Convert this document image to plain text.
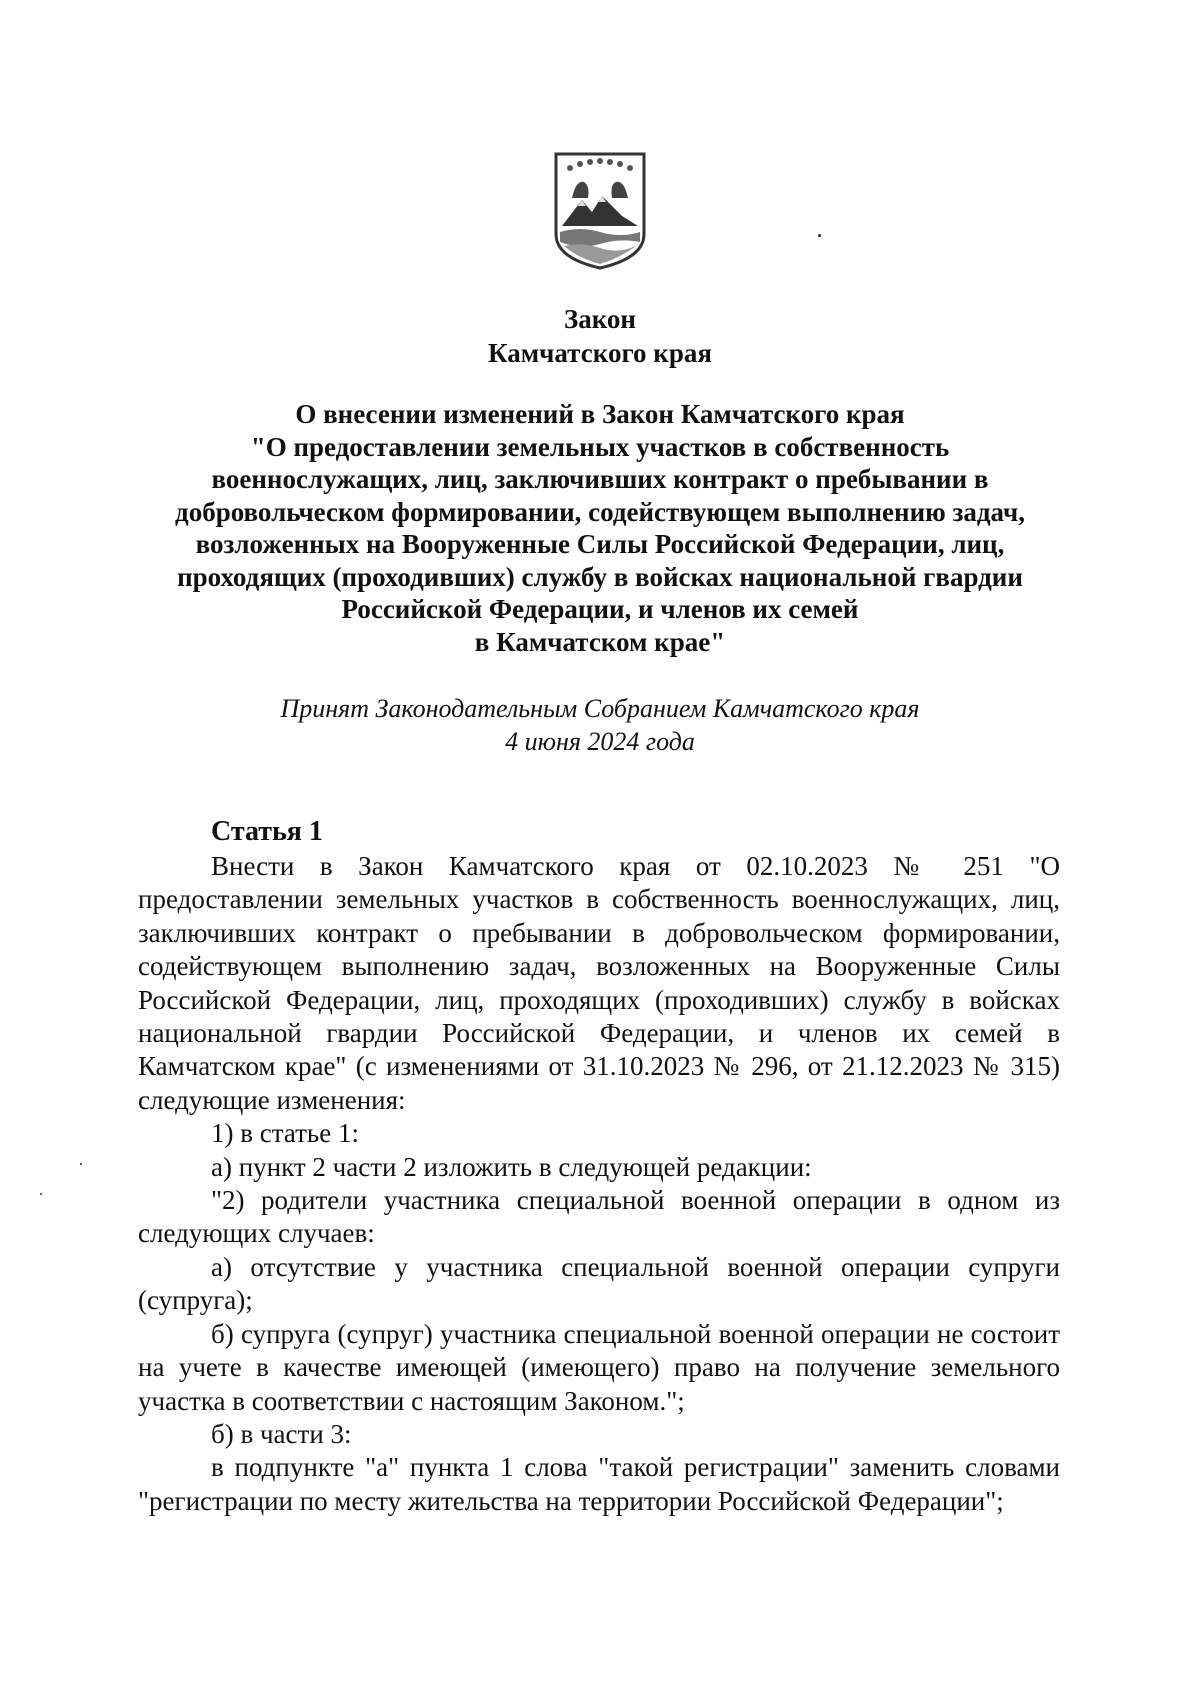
Закон
Камчатского края
О внесении изменений в Закон Камчатского края
"О предоставлении земельных участков в собственность
военнослужащих, лиц, заключивших контракт о пребывании в
добровольческом формировании, содействующем выполнению задач,
возложенных на Вооруженные Силы Российской Федерации, лиц,
проходящих (проходивших) службу в войсках национальной гвардии
Российской Федерации, и членов их семей
в Камчатском крае"
Принят Законодательным Собранием Камчатского края
4 июня 2024 года
Статья 1

Внести в Закон Камчатского края от 02.10.2023 № 251 "О предоставлении земельных участков в собственность военнослужащих, лиц, заключивших контракт о пребывании в добровольческом формировании, содействующем выполнению задач, возложенных на Вооруженные Силы Российской Федерации, лиц, проходящих (проходивших) службу в войсках национальной гвардии Российской Федерации, и членов их семей в Камчатском крае" (с изменениями от 31.10.2023 № 296, от 21.12.2023 № 315) следующие изменения:

1) в статье 1:

а) пункт 2 части 2 изложить в следующей редакции:

"2) родители участника специальной военной операции в одном из следующих случаев:

а) отсутствие у участника специальной военной операции супруги (супруга);

б) супруга (супруг) участника специальной военной операции не состоит на учете в качестве имеющей (имеющего) право на получение земельного участка в соответствии с настоящим Законом.";

б) в части 3:

в подпункте "а" пункта 1 слова "такой регистрации" заменить словами "регистрации по месту жительства на территории Российской Федерации";
